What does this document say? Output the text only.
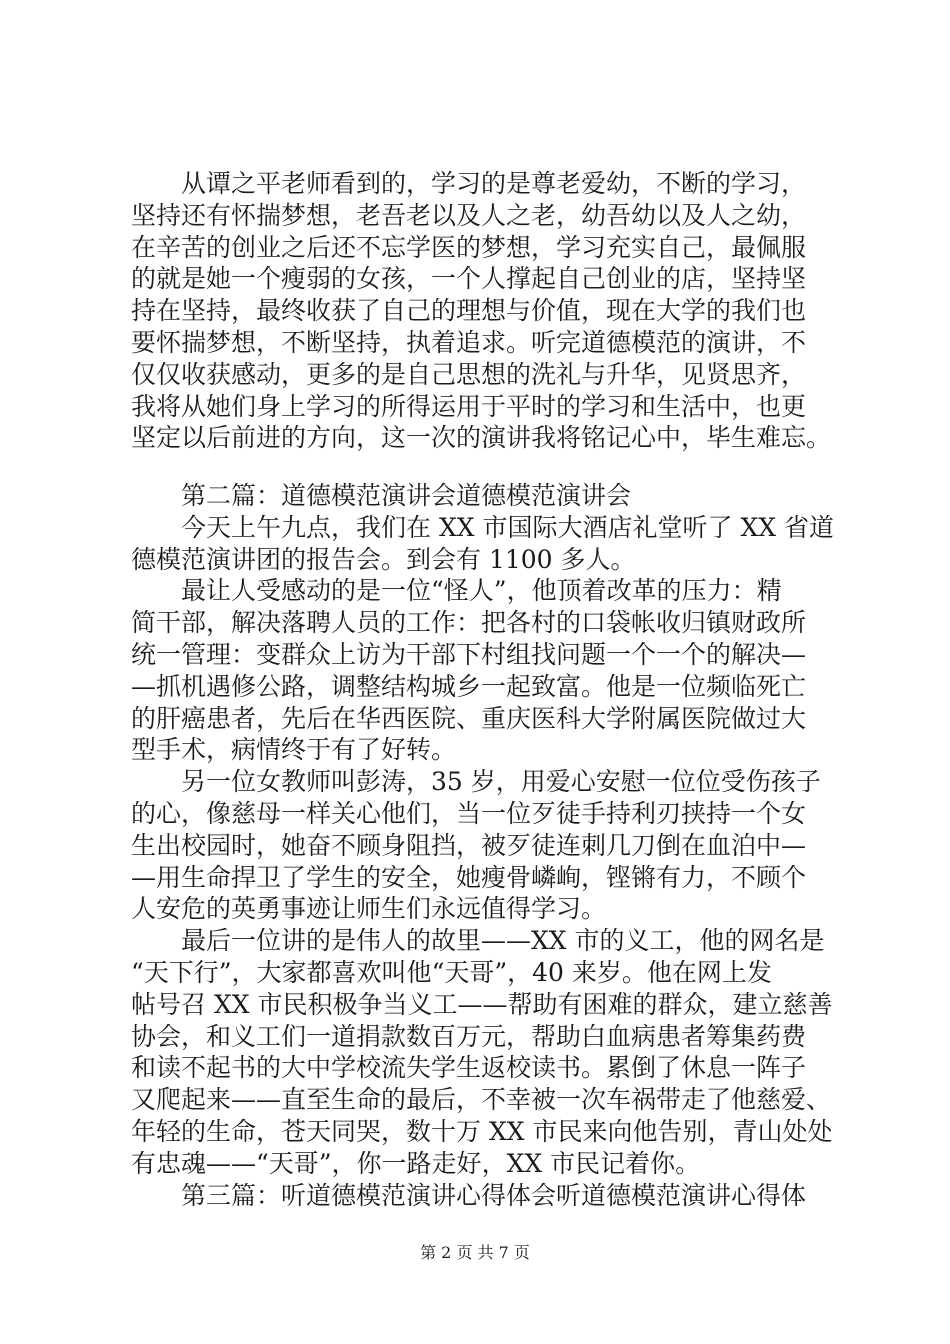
从谭之平老师看到的，学习的是尊老爱幼，不断的学习，
坚持还有怀揣梦想，老吾老以及人之老，幼吾幼以及人之幼，
在辛苦的创业之后还不忘学医的梦想，学习充实自己，最佩服
的就是她一个瘦弱的女孩，一个人撑起自己创业的店，坚持坚
持在坚持，最终收获了自己的理想与价值，现在大学的我们也
要怀揣梦想，不断坚持，执着追求。听完道德模范的演讲，不
仅仅收获感动，更多的是自己思想的洗礼与升华，见贤思齐，
我将从她们身上学习的所得运用于平时的学习和生活中，也更
坚定以后前进的方向，这一次的演讲我将铭记心中，毕生难忘。
第二篇：道德模范演讲会道德模范演讲会
今天上午九点，我们在 XX 市国际大酒店礼堂听了 XX 省道
德模范演讲团的报告会。到会有 1100 多人。
最让人受感动的是一位“怪人”，他顶着改革的压力：精
简干部，解决落聘人员的工作：把各村的口袋帐收归镇财政所
统一管理：变群众上访为干部下村组找问题一个一个的解决—
—抓机遇修公路，调整结构城乡一起致富。他是一位频临死亡
的肝癌患者，先后在华西医院、重庆医科大学附属医院做过大
型手术，病情终于有了好转。
另一位女教师叫彭涛，35 岁，用爱心安慰一位位受伤孩子
的心，像慈母一样关心他们，当一位歹徒手持利刃挟持一个女
生出校园时，她奋不顾身阻挡，被歹徒连刺几刀倒在血泊中—
—用生命捍卫了学生的安全，她瘦骨嶙峋，铿锵有力，不顾个
人安危的英勇事迹让师生们永远值得学习。
最后一位讲的是伟人的故里——XX 市的义工，他的网名是
“天下行”，大家都喜欢叫他“天哥”，40 来岁。他在网上发
帖号召 XX 市民积极争当义工——帮助有困难的群众，建立慈善
协会，和义工们一道捐款数百万元，帮助白血病患者筹集药费
和读不起书的大中学校流失学生返校读书。累倒了休息一阵子
又爬起来——直至生命的最后，不幸被一次车祸带走了他慈爱、
年轻的生命，苍天同哭，数十万 XX 市民来向他告别，青山处处
有忠魂——“天哥”，你一路走好，XX 市民记着你。
第三篇：听道德模范演讲心得体会听道德模范演讲心得体
第 2 页 共 7 页
